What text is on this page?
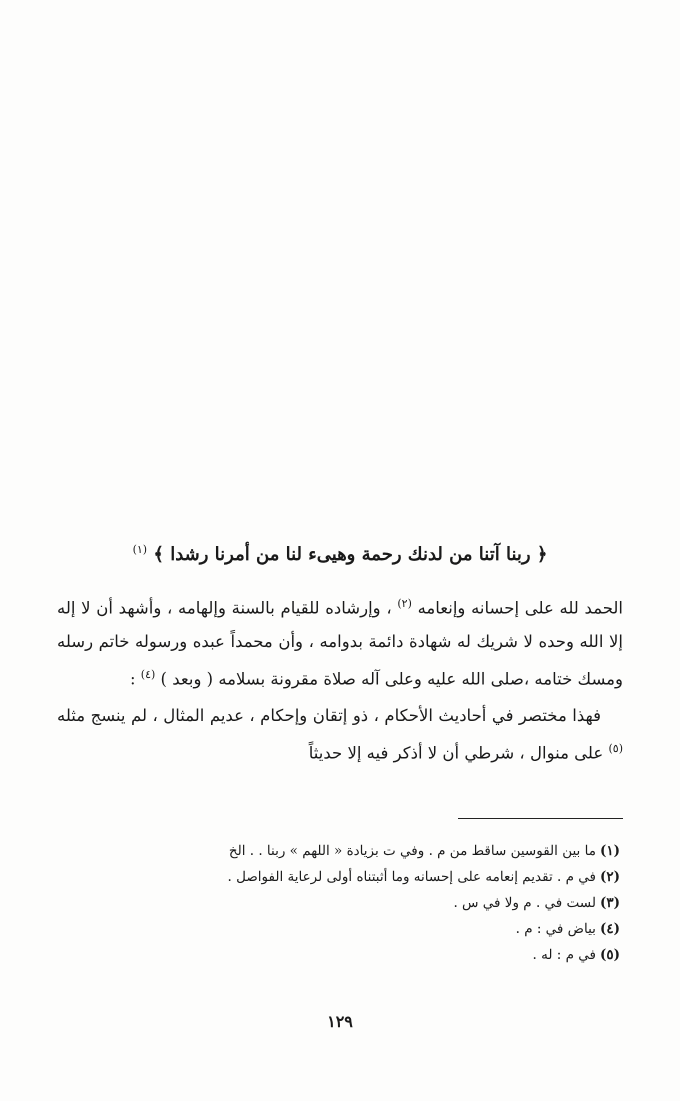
﴿ ربنا آتنا من لدنك رحمة وهيىء لنا من أمرنا رشدا ﴾ $^{(١)}$

الحمد لله على إحسانه وإنعامه $^{(٢)}$ ، وإرشاده للقيام بالسنة وإلهامه ، وأشهد أن لا إله إلا الله وحده لا شريك له شهادة دائمة بدوامه ، وأن محمداً عبده ورسوله خاتم رسله ومسك ختامه ،صلى الله عليه وعلى آله صلاة مقرونة بسلامه ( وبعد ) $^{(٤)}$ :

فهذا مختصر في أحاديث الأحكام ، ذو إتقان وإحكام ، عديم المثال ، لم ينسج مثله $^{(٥)}$ على منوال ، شرطي أن لا أذكر فيه إلا حديثاً

(١)ما بين القوسين ساقط من م . وفي ت بزيادة « اللهم » ربنا . . الخ
(٢)في م . تقديم إنعامه على إحسانه وما أثبتناه أولى لرعاية الفواصل .
(٣)لست في . م ولا في س .
(٤)بياض في : م .
(٥)في م : له .
١٢٩
